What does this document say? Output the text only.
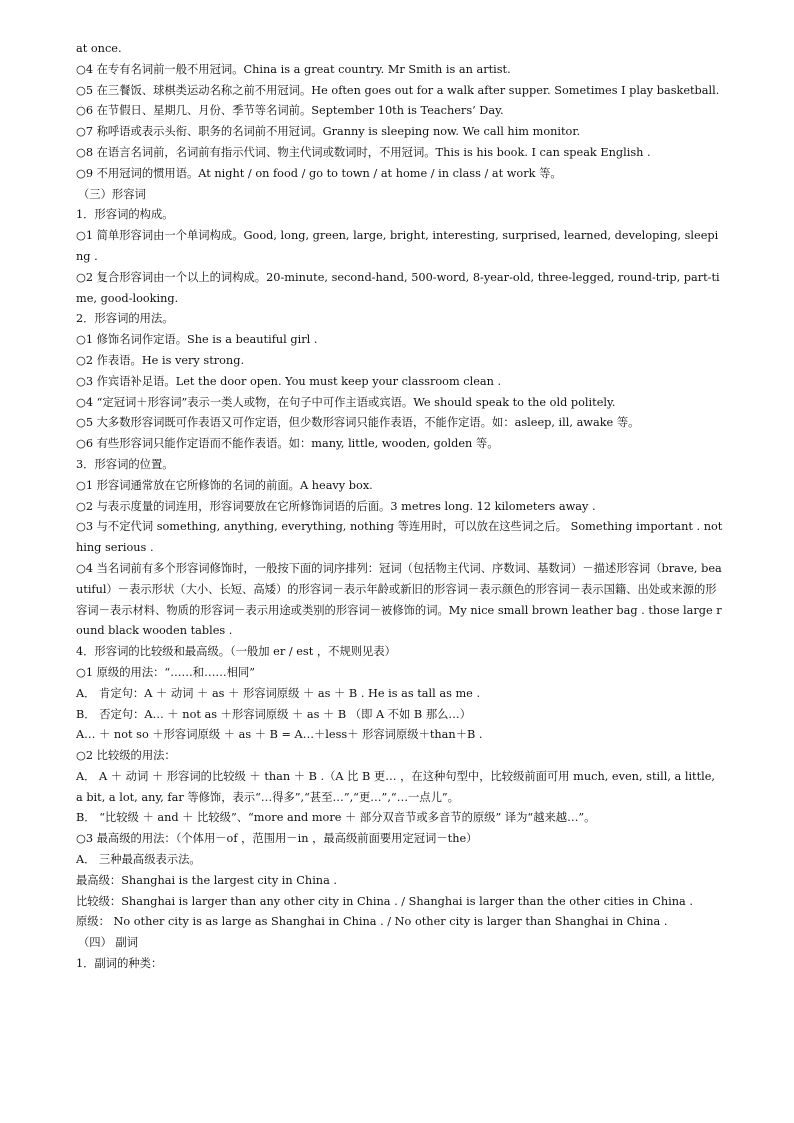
at once.
○4 在专有名词前一般不用冠词。China is a great country. Mr Smith is an artist.
○5 在三餐饭、球棋类运动名称之前不用冠词。He often goes out for a walk after supper. Sometimes I play basketball.
○6 在节假日、星期几、月份、季节等名词前。September 10th is Teachers’ Day.
○7 称呼语或表示头衔、职务的名词前不用冠词。Granny is sleeping now. We call him monitor.
○8 在语言名词前，名词前有指示代词、物主代词或数词时，不用冠词。This is his book. I can speak English .
○9 不用冠词的惯用语。At night / on food / go to town / at home / in class / at work 等。
（三）形容词
1．形容词的构成。
○1 简单形容词由一个单词构成。Good, long, green, large, bright, interesting, surprised, learned, developing, sleeping .
○2 复合形容词由一个以上的词构成。20-minute, second-hand, 500-word, 8-year-old, three-legged, round-trip, part-time, good-looking.
2．形容词的用法。
○1 修饰名词作定语。She is a beautiful girl .
○2 作表语。He is very strong.
○3 作宾语补足语。Let the door open. You must keep your classroom clean .
○4 “定冠词＋形容词”表示一类人或物，在句子中可作主语或宾语。We should speak to the old politely.
○5 大多数形容词既可作表语又可作定语，但少数形容词只能作表语，不能作定语。如：asleep, ill, awake 等。
○6 有些形容词只能作定语而不能作表语。如：many, little, wooden, golden 等。
3．形容词的位置。
○1 形容词通常放在它所修饰的名词的前面。A heavy box.
○2 与表示度量的词连用，形容词要放在它所修饰词语的后面。3 metres long. 12 kilometers away .
○3 与不定代词 something, anything, everything, nothing 等连用时，可以放在这些词之后。 Something important . nothing serious .
○4 当名词前有多个形容词修饰时，一般按下面的词序排列：冠词（包括物主代词、序数词、基数词）－描述形容词（brave, beautiful）－表示形状（大小、长短、高矮）的形容词－表示年龄或新旧的形容词－表示颜色的形容词－表示国籍、出处或来源的形容词－表示材料、物质的形容词－表示用途或类别的形容词－被修饰的词。My nice small brown leather bag . those large round black wooden tables .
4．形容词的比较级和最高级。（一般加 er / est ，不规则见表）
○1 原级的用法：“……和……相同”
A． 肯定句：A ＋ 动词 ＋ as ＋ 形容词原级 ＋ as ＋ B . He is as tall as me .
B． 否定句：A… ＋ not as ＋形容词原级 ＋ as ＋ B （即 A 不如 B 那么…）
A… ＋ not so ＋形容词原级 ＋ as ＋ B = A…＋less＋ 形容词原级＋than＋B .
○2 比较级的用法：
A． A ＋ 动词 ＋ 形容词的比较级 ＋ than ＋ B .（A 比 B 更… ，在这种句型中，比较级前面可用 much, even, still, a little, a bit, a lot, any, far 等修饰，表示“…得多”,“甚至…”,“更…”,“…一点儿”。
B． “比较级 ＋ and ＋ 比较级”、“more and more ＋ 部分双音节或多音节的原级” 译为“越来越…”。
○3 最高级的用法：（个体用－of ，范围用－in ，最高级前面要用定冠词－the）
A． 三种最高级表示法。
最高级：Shanghai is the largest city in China .
比较级：Shanghai is larger than any other city in China . / Shanghai is larger than the other cities in China .
原级： No other city is as large as Shanghai in China . / No other city is larger than Shanghai in China .
（四） 副词
1．副词的种类：
